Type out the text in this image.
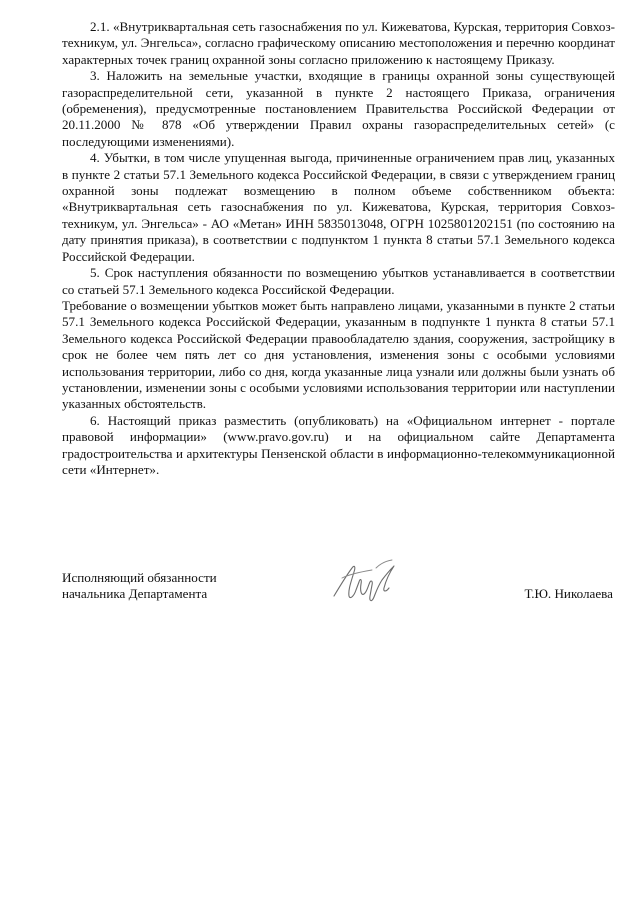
2.1. «Внутриквартальная сеть газоснабжения по ул. Кижеватова, Курская, территория Совхоз-техникум, ул. Энгельса», согласно графическому описанию местоположения и перечню координат характерных точек границ охранной зоны согласно приложению к настоящему Приказу.

3. Наложить на земельные участки, входящие в границы охранной зоны существующей газораспределительной сети, указанной в пункте 2 настоящего Приказа, ограничения (обременения), предусмотренные постановлением Правительства Российской Федерации от 20.11.2000 № 878 «Об утверждении Правил охраны газораспределительных сетей» (с последующими изменениями).

4. Убытки, в том числе упущенная выгода, причиненные ограничением прав лиц, указанных в пункте 2 статьи 57.1 Земельного кодекса Российской Федерации, в связи с утверждением границ охранной зоны подлежат возмещению в полном объеме собственником объекта: «Внутриквартальная сеть газоснабжения по ул. Кижеватова, Курская, территория Совхоз-техникум, ул. Энгельса» - АО «Метан» ИНН 5835013048, ОГРН 1025801202151 (по состоянию на дату принятия приказа), в соответствии с подпунктом 1 пункта 8 статьи 57.1 Земельного кодекса Российской Федерации.

5. Срок наступления обязанности по возмещению убытков устанавливается в соответствии со статьей 57.1 Земельного кодекса Российской Федерации.

Требование о возмещении убытков может быть направлено лицами, указанными в пункте 2 статьи 57.1 Земельного кодекса Российской Федерации, указанным в подпункте 1 пункта 8 статьи 57.1 Земельного кодекса Российской Федерации правообладателю здания, сооружения, застройщику в срок не более чем пять лет со дня установления, изменения зоны с особыми условиями использования территории, либо со дня, когда указанные лица узнали или должны были узнать об установлении, изменении зоны с особыми условиями использования территории или наступлении указанных обстоятельств.

6. Настоящий приказ разместить (опубликовать) на «Официальном интернет - портале правовой информации» (www.pravo.gov.ru) и на официальном сайте Департамента градостроительства и архитектуры Пензенской области в информационно-телекоммуникационной сети «Интернет».

Исполняющий обязанности
начальника Департамента	Т.Ю. Николаева
